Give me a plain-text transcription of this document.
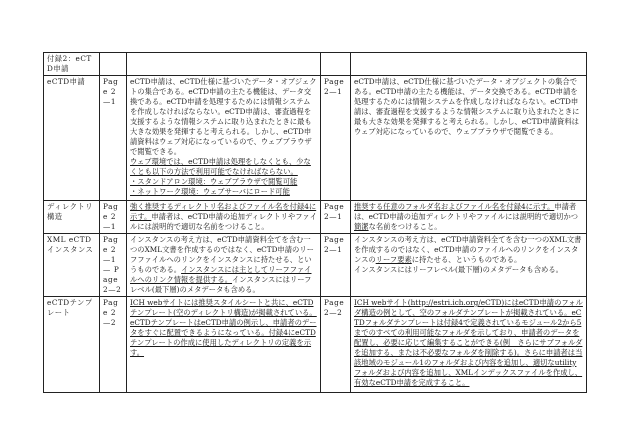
付録2：eCTD申請				
eCTD申請	Page 2—1	eCTD申請は、eCTD仕様に基づいたデータ・オブジェクトの集合である。eCTD申請の主たる機能は、データ交換である。eCTD申請を処理するためには情報システムを作成しなければならない。eCTD申請は、審査過程を支援するような情報システムに取り込まれたときに最も大きな効果を発揮すると考えられる。しかし、eCTD申請資料はウェブ対応になっているので、ウェブブラウザで閲覧できる。
ウェブ環境では、eCTD申請は処理をしなくとも、少なくとも以下の方法で利用可能でなければならない。
・スタンドアロン環境：ウェブブラウザで閲覧可能
・ネットワーク環境：ウェブサーバにロード可能	Page 2—1	eCTD申請は、eCTD仕様に基づいたデータ・オブジェクトの集合である。eCTD申請の主たる機能は、データ交換である。eCTD申請を処理するためには情報システムを作成しなければならない。eCTD申請は、審査過程を支援するような情報システムに取り込まれたときに最も大きな効果を発揮すると考えられる。しかし、eCTD申請資料はウェブ対応になっているので、ウェブブラウザで閲覧できる。
ディレクトリ構造	Page 2—1	強く推奨するディレクトリ名およびファイル名を付録4に示す。申請者は、eCTD申請の追加ディレクトリやファイルには説明的で適切な名前をつけること。	Page 2—1	推奨する任意のフォルダ名およびファイル名を付録4に示す。申請者は、eCTD申請の追加ディレクトリやファイルには説明的で適切かつ簡潔な名前をつけること。
XML eCTD インスタンス	Page 2—1— Page 2—2	インスタンスの考え方は、eCTD申請資料全てを含む一つのXML文書を作成するのではなく、eCTD申請のリーフファイルへのリンクをインスタンスに持たせる、というものである。インスタンスには主としてリーフファイルへのリンク情報を提供する。インスタンスにはリーフレベル(最下層)のメタデータも含める。	Page 2—1	インスタンスの考え方は、eCTD申請資料全てを含む一つのXML文書を作成するのではなく、eCTD申請のファイルへのリンクをインスタンスのリーフ要素に持たせる、というものである。
インスタンスにはリーフレベル(最下層)のメタデータも含める。
eCTDテンプレート	Page 2—2	ICH webサイトには推奨スタイルシートと共に、eCTDテンプレート(空のディレクトリ構造)が掲載されている。eCTDテンプレートはeCTD申請の例示し、申請者のデータをすぐに配置できるようになっている。付録4にeCTDテンプレートの作成に使用したディレクトリの定義を示す。	Page 2—2	ICH webサイト(http://estri.ich.org/eCTD)にはeCTD申請のフォルダ構造の例として、空のフォルダテンプレートが掲載されている。eCTDフォルダテンプレートは付録4で定義されているモジュール2から5までのすべての利用可能なフォルダを示しており、申請者のデータを配置し、必要に応じて編集することができる(例　さらにサブフォルダを追加する、または不必要なフォルダを削除する)。さらに申請者は当該地域のモジュール1のフォルダおよび内容を追加し、適切なutilityフォルダおよび内容を追加し、XMLインデックスファイルを作成し、有効なeCTD申請を完成すること。
